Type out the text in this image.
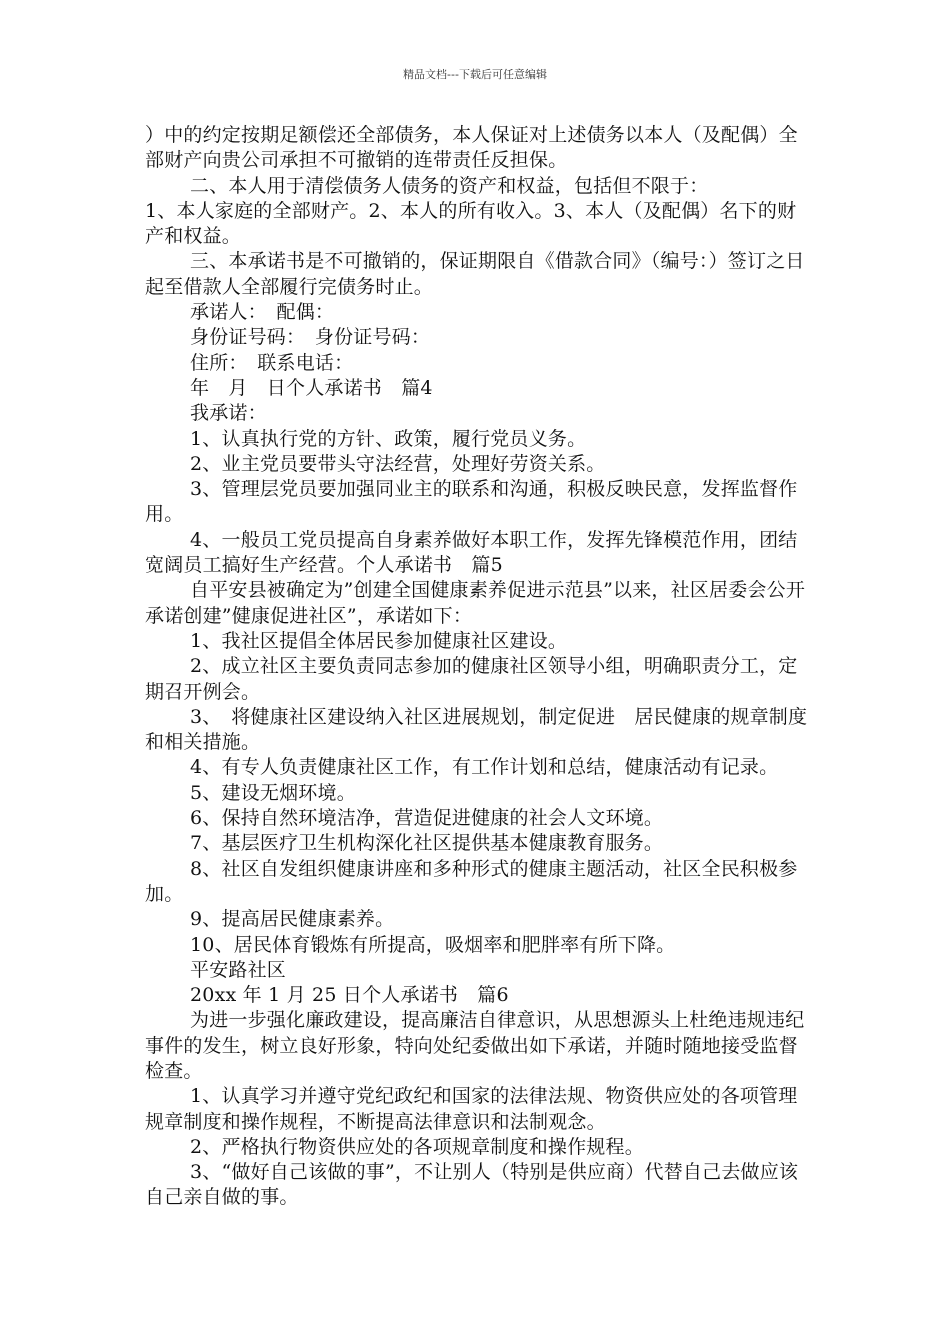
精品文档---下载后可任意编辑

）中的约定按期足额偿还全部债务，本人保证对上述债务以本人（及配偶）全部财产向贵公司承担不可撤销的连带责任反担保。

二、本人用于清偿债务人债务的资产和权益，包括但不限于：

1、本人家庭的全部财产。2、本人的所有收入。3、本人（及配偶）名下的财产和权益。

三、本承诺书是不可撤销的，保证期限自《借款合同》（编号：）签订之日起至借款人全部履行完债务时止。

承诺人：　配偶：

身份证号码：　身份证号码：

住所：　联系电话：

年　月　日个人承诺书　篇4

我承诺：

1、认真执行党的方针、政策，履行党员义务。

2、业主党员要带头守法经营，处理好劳资关系。

3、管理层党员要加强同业主的联系和沟通，积极反映民意，发挥监督作用。

4、一般员工党员提高自身素养做好本职工作，发挥先锋模范作用，团结宽阔员工搞好生产经营。个人承诺书　篇5

自平安县被确定为”创建全国健康素养促进示范县”以来，社区居委会公开承诺创建”健康促进社区”，承诺如下：

1、我社区提倡全体居民参加健康社区建设。

2、成立社区主要负责同志参加的健康社区领导小组，明确职责分工，定期召开例会。

3、　将健康社区建设纳入社区进展规划，制定促进　居民健康的规章制度和相关措施。

4、有专人负责健康社区工作，有工作计划和总结，健康活动有记录。

5、建设无烟环境。

6、保持自然环境洁净，营造促进健康的社会人文环境。

7、基层医疗卫生机构深化社区提供基本健康教育服务。

8、社区自发组织健康讲座和多种形式的健康主题活动，社区全民积极参加。

9、提高居民健康素养。

10、居民体育锻炼有所提高，吸烟率和肥胖率有所下降。

平安路社区

20xx 年 1 月 25 日个人承诺书　篇6

为进一步强化廉政建设，提高廉洁自律意识，从思想源头上杜绝违规违纪事件的发生，树立良好形象，特向处纪委做出如下承诺，并随时随地接受监督检查。

1、认真学习并遵守党纪政纪和国家的法律法规、物资供应处的各项管理规章制度和操作规程，不断提高法律意识和法制观念。

2、严格执行物资供应处的各项规章制度和操作规程。

3、“做好自己该做的事”，不让别人（特别是供应商）代替自己去做应该自己亲自做的事。
